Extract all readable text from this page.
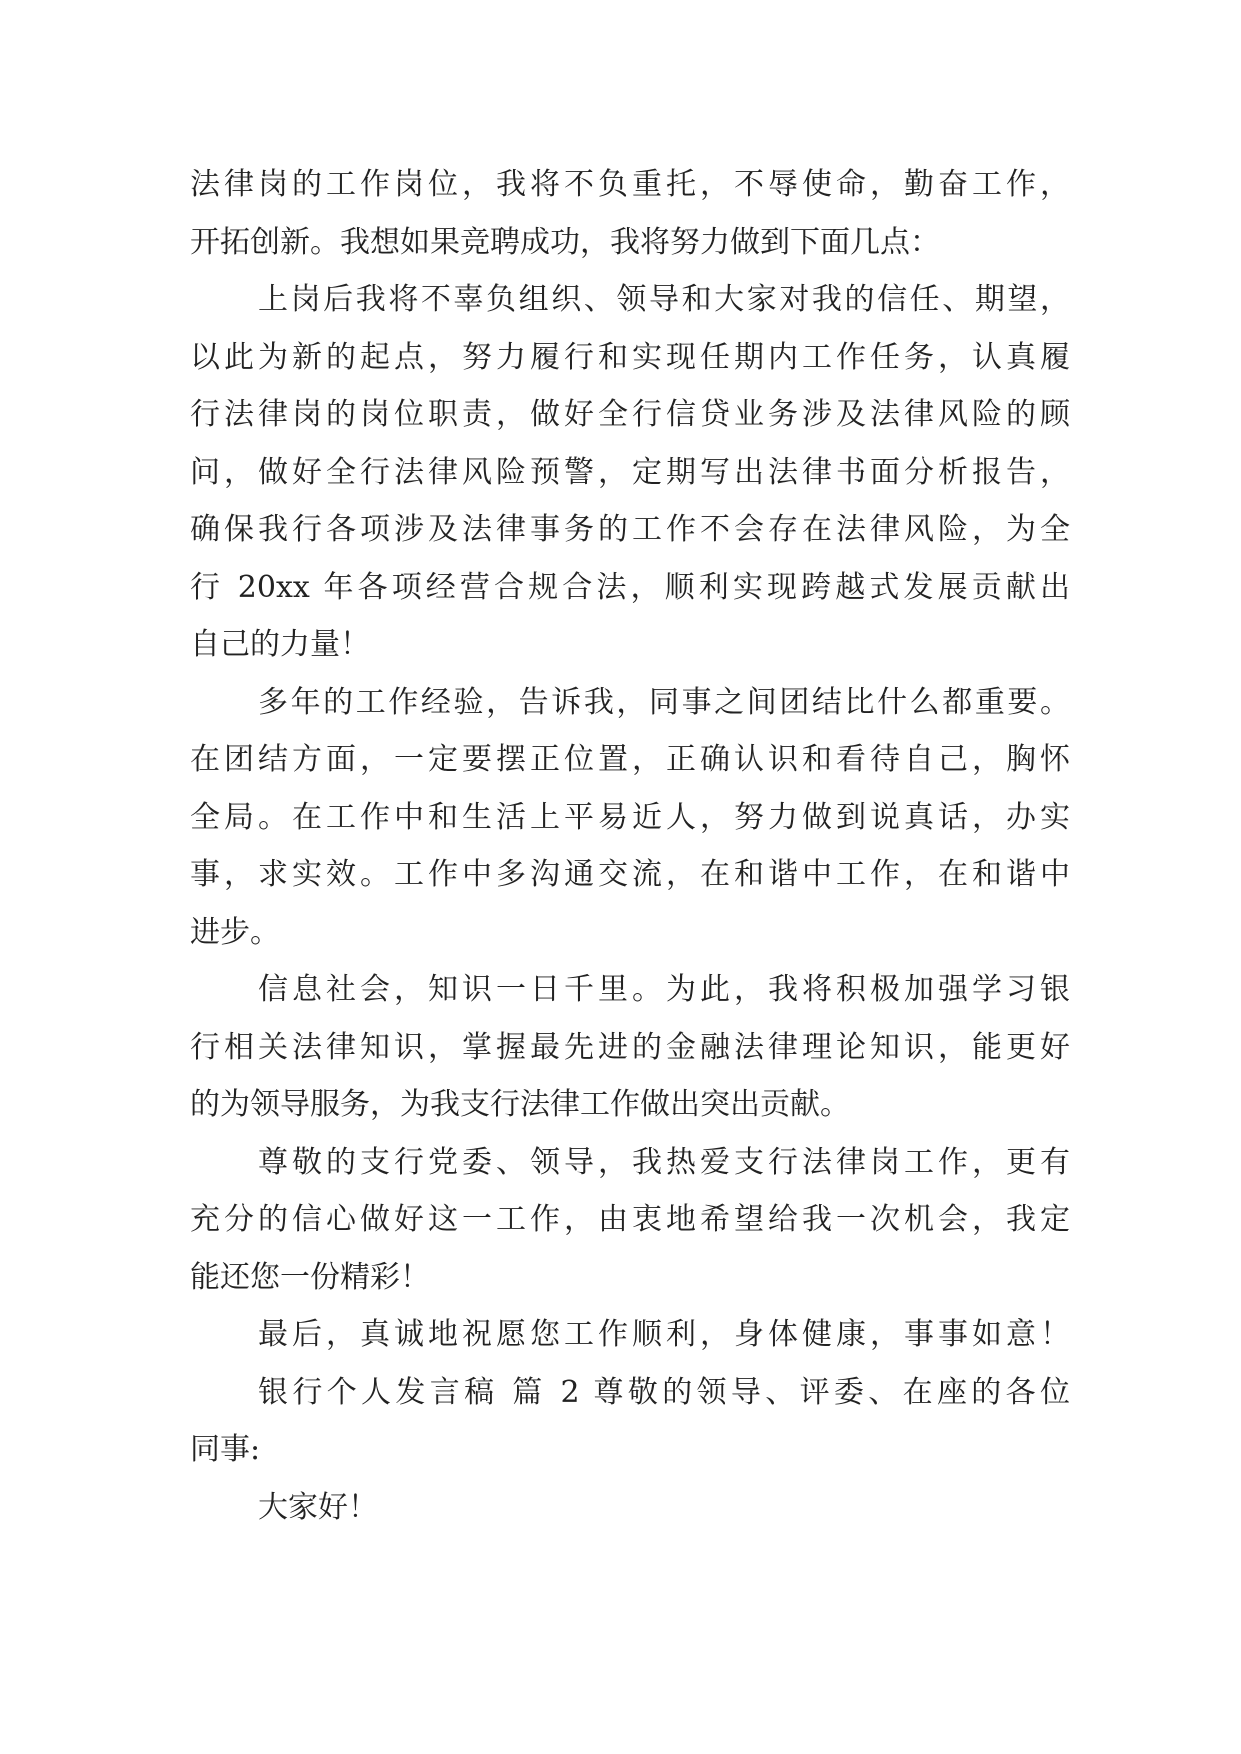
法律岗的工作岗位，我将不负重托，不辱使命，勤奋工作，
开拓创新。我想如果竞聘成功，我将努力做到下面几点：
上岗后我将不辜负组织、领导和大家对我的信任、期望，
以此为新的起点，努力履行和实现任期内工作任务，认真履
行法律岗的岗位职责，做好全行信贷业务涉及法律风险的顾
问，做好全行法律风险预警，定期写出法律书面分析报告，
确保我行各项涉及法律事务的工作不会存在法律风险，为全
行 20xx 年各项经营合规合法，顺利实现跨越式发展贡献出
自己的力量！
多年的工作经验，告诉我，同事之间团结比什么都重要。
在团结方面，一定要摆正位置，正确认识和看待自己，胸怀
全局。在工作中和生活上平易近人，努力做到说真话，办实
事，求实效。工作中多沟通交流，在和谐中工作，在和谐中
进步。
信息社会，知识一日千里。为此，我将积极加强学习银
行相关法律知识，掌握最先进的金融法律理论知识，能更好
的为领导服务，为我支行法律工作做出突出贡献。
尊敬的支行党委、领导，我热爱支行法律岗工作，更有
充分的信心做好这一工作，由衷地希望给我一次机会，我定
能还您一份精彩！
最后，真诚地祝愿您工作顺利，身体健康，事事如意！
银行个人发言稿 篇 2 尊敬的领导、评委、在座的各位
同事:
大家好！
